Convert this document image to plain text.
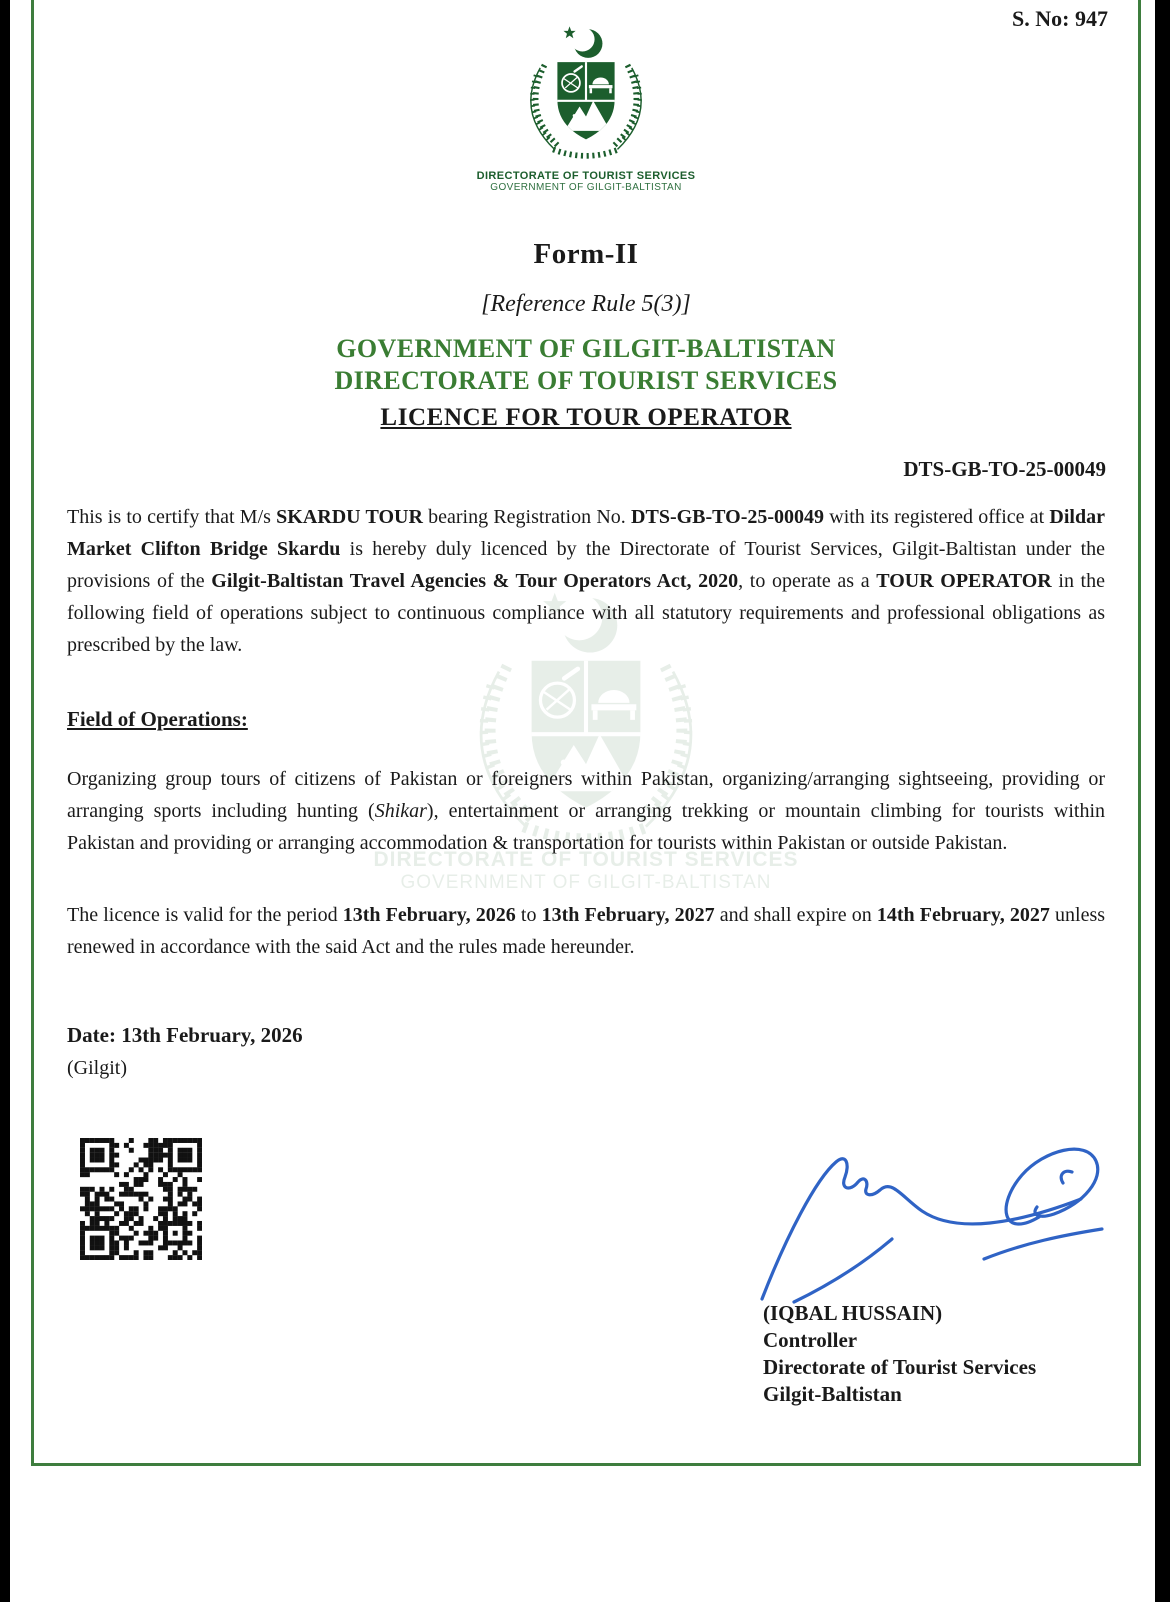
S. No: 947
DIRECTORATE OF TOURIST SERVICES
GOVERNMENT OF GILGIT-BALTISTAN
DIRECTORATE OF TOURIST SERVICES
GOVERNMENT OF GILGIT-BALTISTAN
Form-II
[Reference Rule 5(3)]
GOVERNMENT OF GILGIT-BALTISTAN
DIRECTORATE OF TOURIST SERVICES
LICENCE FOR TOUR OPERATOR
DTS-GB-TO-25-00049

This is to certify that M/s SKARDU TOUR bearing Registration No. DTS-GB-TO-25-00049 with its registered office at Dildar Market Clifton Bridge Skardu is hereby duly licenced by the Directorate of Tourist Services, Gilgit-Baltistan under the provisions of the Gilgit-Baltistan Travel Agencies & Tour Operators Act, 2020, to operate as a TOUR OPERATOR in the following field of operations subject to continuous compliance with all statutory requirements and professional obligations as prescribed by the law.

Field of Operations:

Organizing group tours of citizens of Pakistan or foreigners within Pakistan, organizing/arranging sightseeing, providing or arranging sports including hunting (Shikar), entertainment or arranging trekking or mountain climbing for tourists within Pakistan and providing or arranging accommodation & transportation for tourists within Pakistan or outside Pakistan.

The licence is valid for the period 13th February, 2026 to 13th February, 2027 and shall expire on 14th February, 2027 unless renewed in accordance with the said Act and the rules made hereunder.

Date: 13th February, 2026
(Gilgit)
(IQBAL HUSSAIN)
Controller
Directorate of Tourist Services
Gilgit-Baltistan
